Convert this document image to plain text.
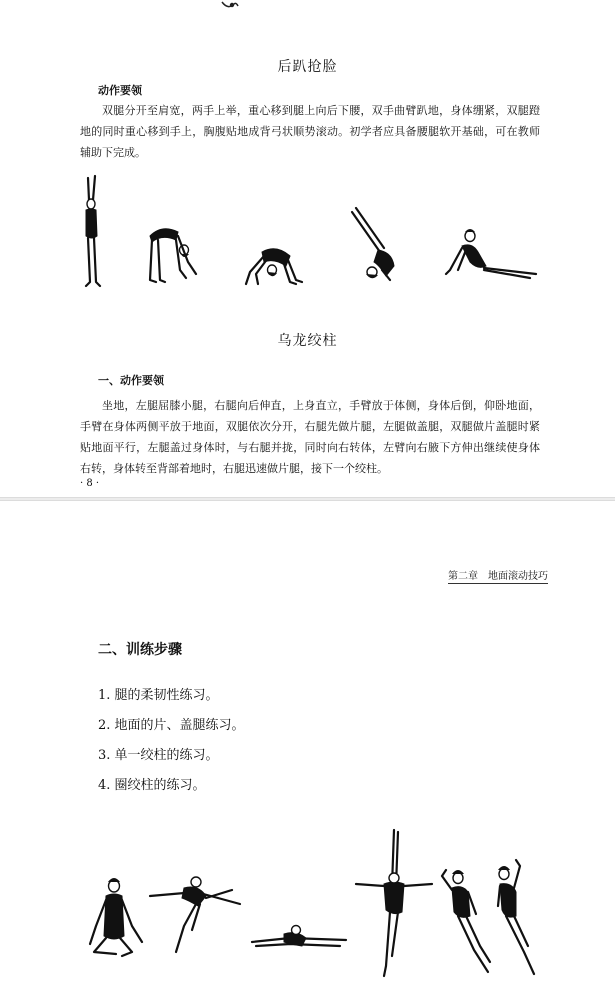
后趴抢脸
动作要领

双腿分开至肩宽，两手上举，重心移到腿上向后下腰，双手曲臂趴地，身体绷紧，双腿蹬地的同时重心移到手上，胸腹贴地成背弓状顺势滚动。初学者应具备腰腿软开基础，可在教师辅助下完成。

乌龙绞柱
一、动作要领

坐地，左腿屈膝小腿，右腿向后伸直，上身直立，手臂放于体侧，身体后倒，仰卧地面，手臂在身体两侧平放于地面，双腿依次分开，右腿先做片腿，左腿做盖腿，双腿做片盖腿时紧贴地面平行，左腿盖过身体时，与右腿并拢，同时向右转体，左臂向右腋下方伸出继续使身体右转，身体转至背部着地时，右腿迅速做片腿，接下一个绞柱。

· 8 ·
第二章　地面滚动技巧
二、训练步骤
1. 腿的柔韧性练习。
2. 地面的片、盖腿练习。
3. 单一绞柱的练习。
4. 圈绞柱的练习。
